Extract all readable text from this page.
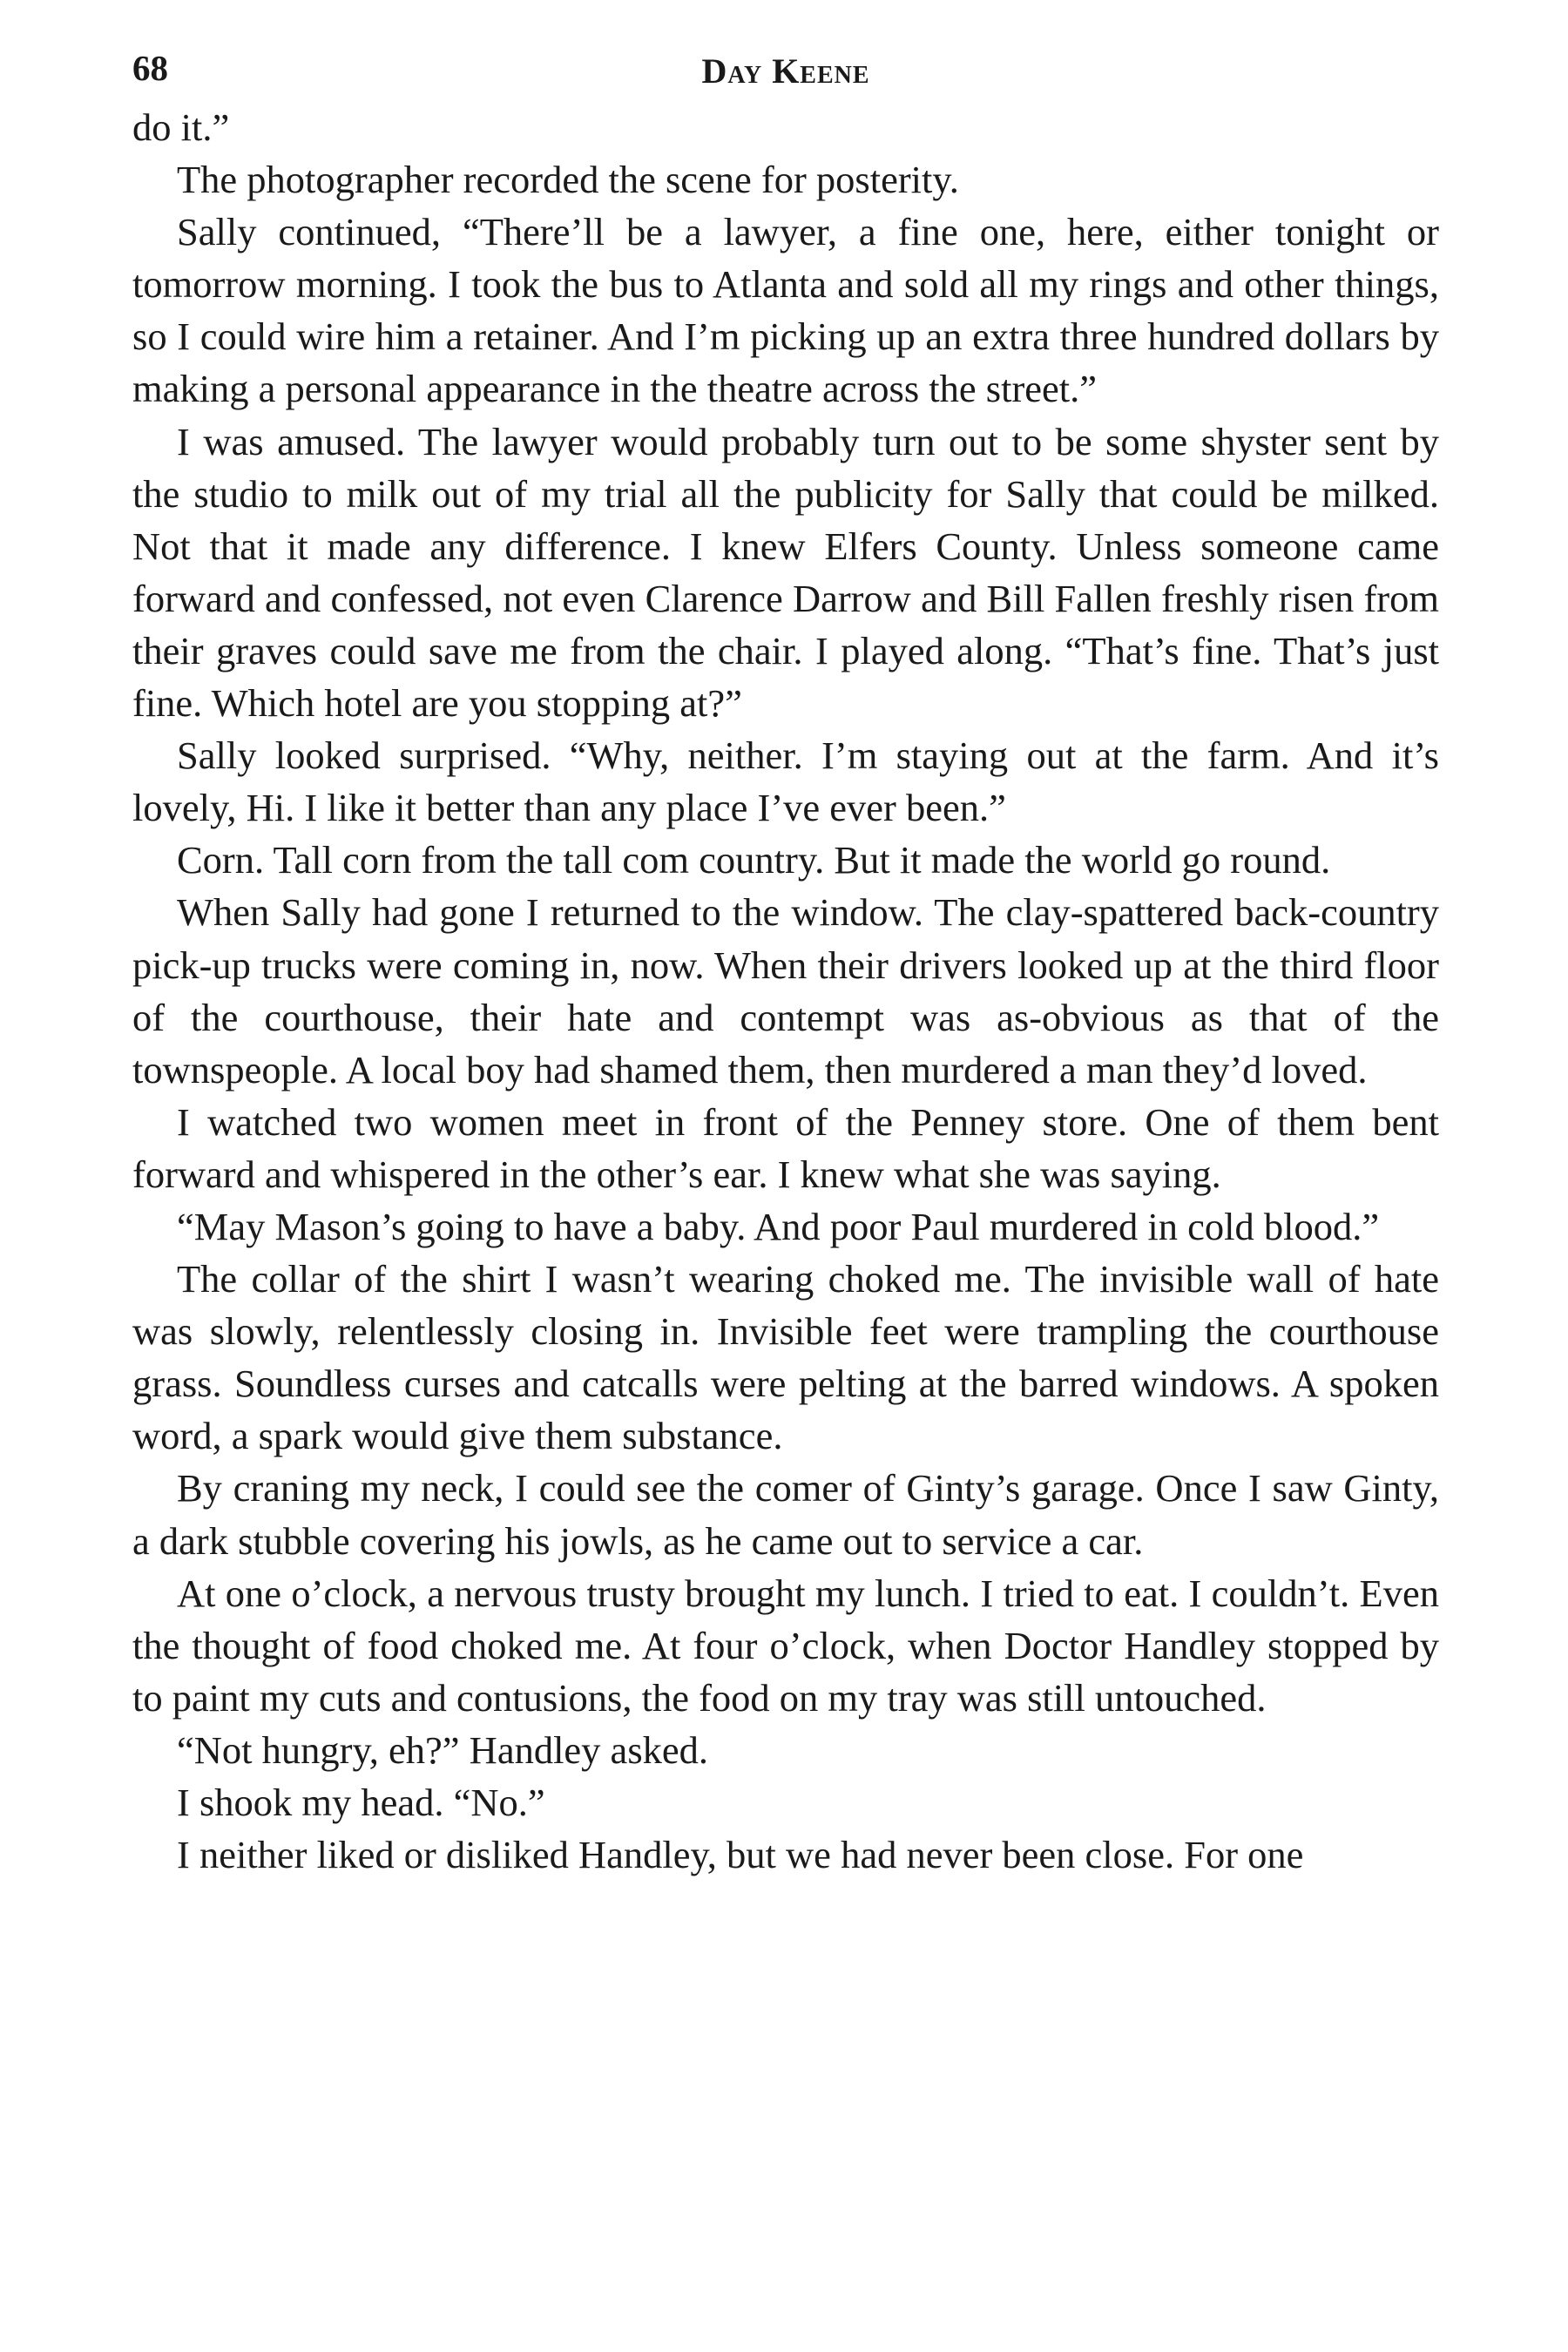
68	Day Keene

do it.”

The photographer recorded the scene for posterity.

Sally continued, “There’ll be a lawyer, a fine one, here, either tonight or tomorrow morning. I took the bus to Atlanta and sold all my rings and other things, so I could wire him a retainer. And I’m picking up an extra three hundred dollars by making a personal appearance in the theatre across the street.”

I was amused. The lawyer would probably turn out to be some shyster sent by the studio to milk out of my trial all the publicity for Sally that could be milked. Not that it made any difference. I knew Elfers County. Unless someone came forward and confessed, not even Clarence Darrow and Bill Fallen freshly risen from their graves could save me from the chair. I played along. “That’s fine. That’s just fine. Which hotel are you stopping at?”

Sally looked surprised. “Why, neither. I’m staying out at the farm. And it’s lovely, Hi. I like it better than any place I’ve ever been.”

Corn. Tall corn from the tall com country. But it made the world go round.

When Sally had gone I returned to the window. The clay-spattered back-country pick-up trucks were coming in, now. When their drivers looked up at the third floor of the courthouse, their hate and contempt was as-obvious as that of the townspeople. A local boy had shamed them, then murdered a man they’d loved.

I watched two women meet in front of the Penney store. One of them bent forward and whispered in the other’s ear. I knew what she was saying.

“May Mason’s going to have a baby. And poor Paul murdered in cold blood.”

The collar of the shirt I wasn’t wearing choked me. The invisible wall of hate was slowly, relentlessly closing in. Invisible feet were trampling the courthouse grass. Soundless curses and catcalls were pelting at the barred windows. A spoken word, a spark would give them substance.

By craning my neck, I could see the comer of Ginty’s garage. Once I saw Ginty, a dark stubble covering his jowls, as he came out to service a car.

At one o’clock, a nervous trusty brought my lunch. I tried to eat. I couldn’t. Even the thought of food choked me. At four o’clock, when Doctor Handley stopped by to paint my cuts and contusions, the food on my tray was still untouched.

“Not hungry, eh?” Handley asked.

I shook my head. “No.”

I neither liked or disliked Handley, but we had never been close. For one
